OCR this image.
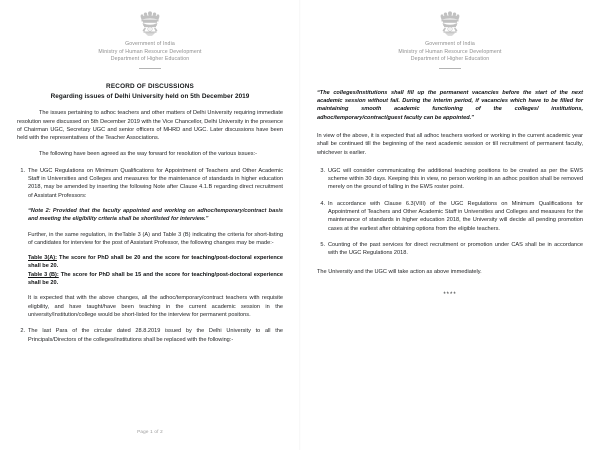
Government of India
Ministry of Human Resource Development
Department of Higher Education
RECORD OF DISCUSSIONS
Regarding issues of Delhi University held on 5th December 2019
The issues pertaining to adhoc teachers and other matters of Delhi University requiring immediate resolution were discussed on 5th December 2019 with the Vice Chancellor, Delhi University in the presence of Chairman UGC, Secretary UGC and senior officers of MHRD and UGC. Later discussions have been held with the representatives of the Teacher Associations.
The following have been agreed as the way forward for resolution of the various issues:-
1. The UGC Regulations on Minimum Qualifications for Appointment of Teachers and Other Academic Staff in Universities and Colleges and measures for the maintenance of standards in higher education 2018, may be amended by inserting the following Note after Clause 4.1.B regarding direct recruitment of Assistant Professors:
“Note 2: Provided that the faculty appointed and working on adhoc/temporary/contract basis and meeting the eligibility criteria shall be shortlisted for interview.”
Further, in the same regulation, in theTable 3 (A) and Table 3 (B) indicating the criteria for short-listing of candidates for interview for the post of Assistant Professor, the following changes may be made:-
Table 3(A): The score for PhD shall be 20 and the score for teaching/post-doctoral experience shall be 20.
Table 3 (B): The score for PhD shall be 15 and the score for teaching/post-doctoral experience shall be 20.
It is expected that with the above changes, all the adhoc/temporary/contract teachers with requisite eligbility, and have taught/have been teaching in the current academic session in the university/Institution/college would be short-listed for the interview for permanent positons.
2. The last Para of the circular dated 28.8.2019 issued by the Delhi University to all the Principals/Directors of the colleges/institutions shall be replaced with the following:-
Page 1 of 2
Government of India
Ministry of Human Resource Development
Department of Higher Education
“The colleges/Institutions shall fill up the permanent vacancies before the start of the next academic session without fail. During the interim period, if vacancies which have to be filled for maintaining smooth academic functioning of the colleges/ institutions, adhoc/temporary/contract/guest faculty can be appointed.”
In view of the above, it is expected that all adhoc teachers worked or working in the current academic year shall be continued till the beginning of the next academic session or till recruitment of permanent faculty, whichever is earlier.
3. UGC will consider communicating the additional teaching positions to be created as per the EWS scheme within 30 days. Keeping this in view, no person working in an adhoc position shall be removed merely on the ground of falling in the EWS roster point.
4. In accordance with Clause 6.3(VIII) of the UGC Regulations on Minimum Qualifications for Appointment of Teachers and Other Academic Staff in Universities and Colleges and measures for the maintenance of standards in higher education 2018, the University will decide all pending promotion cases at the earliest after obtaining options from the eligible teachers.
5. Counting of the past services for direct recruitment or promotion under CAS shall be in accordance with the UGC Regulations 2018.
The University and the UGC will take action as above immediately.
****
